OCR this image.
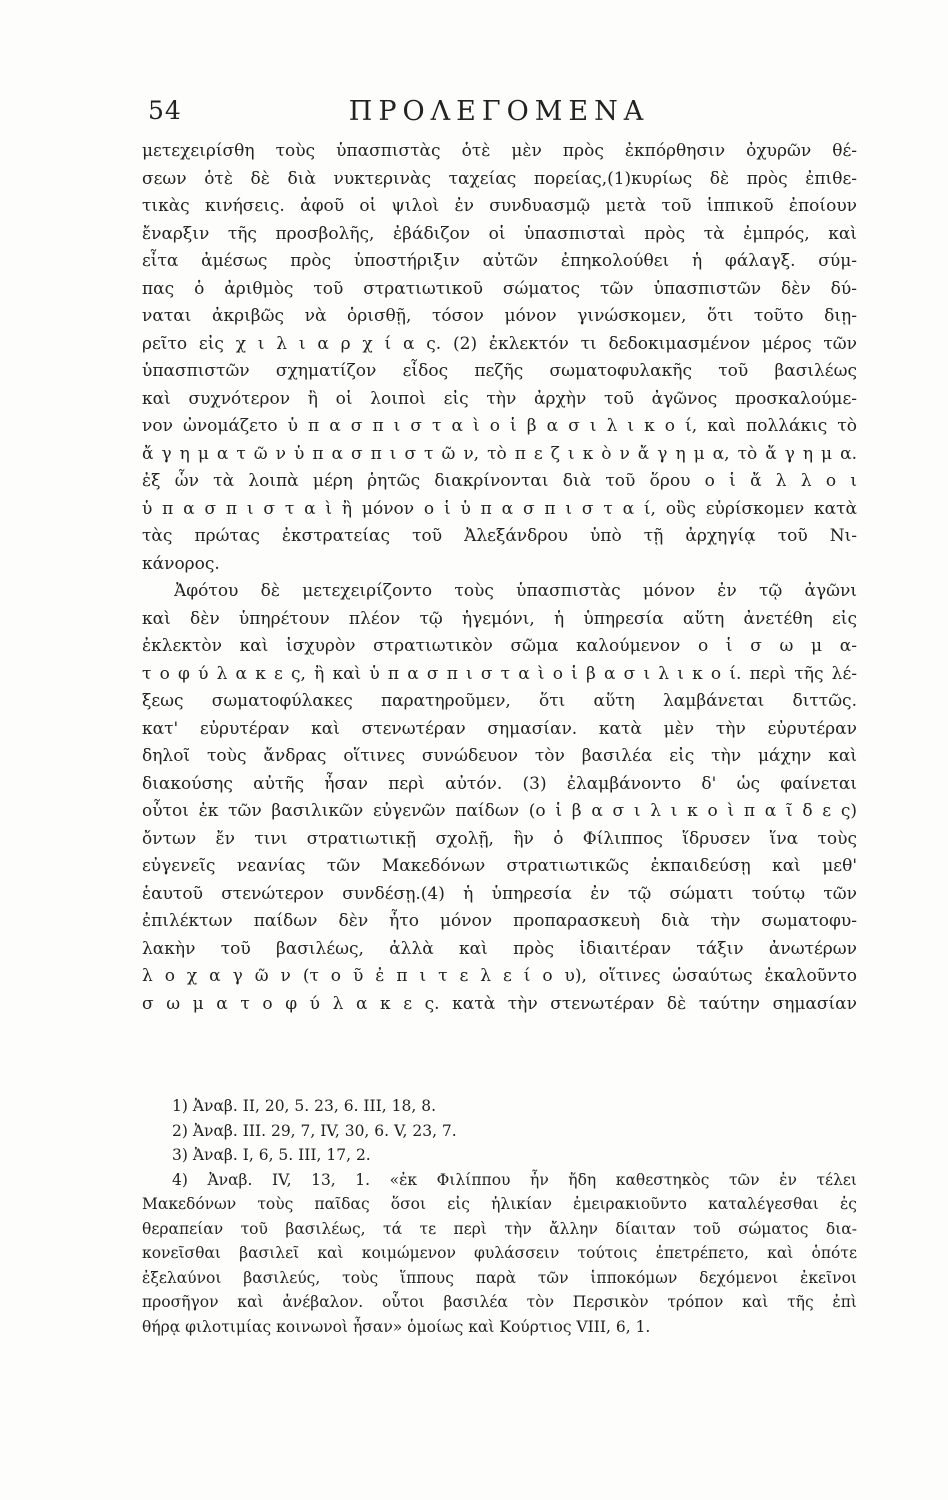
54	ΠΡΟΛΕΓΟΜΕΝΑ
μετεχειρίσθη τοὺς ὑπασπιστὰς ὁτὲ μὲν πρὸς ἐκπόρθησιν ὀχυρῶν θέ-
σεων ὁτὲ δὲ διὰ νυκτερινὰς ταχείας πορείας,(1)κυρίως δὲ πρὸς ἐπιθε-
τικὰς κινήσεις. ἀφοῦ οἱ ψιλοὶ ἐν συνδυασμῷ μετὰ τοῦ ἱππικοῦ ἐποίουν
ἔναρξιν τῆς προσβολῆς, ἐβάδιζον οἱ ὑπασπισταὶ πρὸς τὰ ἐμπρός, καὶ
εἶτα ἀμέσως πρὸς ὑποστήριξιν αὐτῶν ἐπηκολούθει ἡ φάλαγξ. σύμ-
πας ὁ ἀριθμὸς τοῦ στρατιωτικοῦ σώματος τῶν ὑπασπιστῶν δὲν δύ-
ναται ἀκριβῶς νὰ ὁρισθῇ, τόσον μόνον γινώσκομεν, ὅτι τοῦτο διῃ-
ρεῖτο εἰς χ ι λ ι α ρ χ ί α ς. (2) ἐκλεκτόν τι δεδοκιμασμένον μέρος τῶν
ὑπασπιστῶν σχηματίζον εἶδος πεζῆς σωματοφυλακῆς τοῦ βασιλέως
καὶ συχνότερον ἢ οἱ λοιποὶ εἰς τὴν ἀρχὴν τοῦ ἀγῶνος προσκαλούμε-
νον ὠνομάζετο ὑ π α σ π ι σ τ α ὶ ο ἱ β α σ ι λ ι κ ο ί, καὶ πολλάκις τὸ
ἄ γ η μ α τ ῶ ν ὑ π α σ π ι σ τ ῶ ν, τὸ π ε ζ ι κ ὸ ν ἄ γ η μ α, τὸ ἄ γ η μ α.
ἐξ ὧν τὰ λοιπὰ μέρη ῥητῶς διακρίνονται διὰ τοῦ ὅρου ο ἱ ἄ λ λ ο ι
ὑ π α σ π ι σ τ α ὶ ἢ μόνον ο ἱ ὑ π α σ π ι σ τ α ί, οὓς εὑρίσκομεν κατὰ
τὰς πρώτας ἐκστρατείας τοῦ Ἀλεξάνδρου ὑπὸ τῇ ἀρχηγίᾳ τοῦ Νι-
κάνορος.
Ἀφότου δὲ μετεχειρίζοντο τοὺς ὑπασπιστὰς μόνον ἐν τῷ ἀγῶνι
καὶ δὲν ὑπηρέτουν πλέον τῷ ἡγεμόνι, ἡ ὑπηρεσία αὕτη ἀνετέθη εἰς
ἐκλεκτὸν καὶ ἰσχυρὸν στρατιωτικὸν σῶμα καλούμενον ο ἱ σ ω μ α-
τ ο φ ύ λ α κ ε ς, ἢ καὶ ὑ π α σ π ι σ τ α ὶ ο ἱ β α σ ι λ ι κ ο ί. περὶ τῆς λέ-
ξεως σωματοφύλακες παρατηροῦμεν, ὅτι αὕτη λαμβάνεται διττῶς.
κατ' εὐρυτέραν καὶ στενωτέραν σημασίαν. κατὰ μὲν τὴν εὐρυτέραν
δηλοῖ τοὺς ἄνδρας οἵτινες συνώδευον τὸν βασιλέα εἰς τὴν μάχην καὶ
διακούσης αὐτῆς ἦσαν περὶ αὐτόν. (3) ἐλαμβάνοντο δ' ὡς φαίνεται
οὗτοι ἐκ τῶν βασιλικῶν εὐγενῶν παίδων (ο ἱ β α σ ι λ ι κ ο ὶ π α ῖ δ ε ς)
ὄντων ἔν τινι στρατιωτικῇ σχολῇ, ἣν ὁ Φίλιππος ἵδρυσεν ἵνα τοὺς
εὐγενεῖς νεανίας τῶν Μακεδόνων στρατιωτικῶς ἐκπαιδεύσῃ καὶ μεθ'
ἑαυτοῦ στενώτερον συνδέσῃ.(4) ἡ ὑπηρεσία ἐν τῷ σώματι τούτῳ τῶν
ἐπιλέκτων παίδων δὲν ἦτο μόνον προπαρασκευὴ διὰ τὴν σωματοφυ-
λακὴν τοῦ βασιλέως, ἀλλὰ καὶ πρὸς ἰδιαιτέραν τάξιν ἀνωτέρων
λ ο χ α γ ῶ ν (τ ο ῦ ἐ π ι τ ε λ ε ί ο υ), οἵτινες ὡσαύτως ἐκαλοῦντο
σ ω μ α τ ο φ ύ λ α κ ε ς. κατὰ τὴν στενωτέραν δὲ ταύτην σημασίαν
1) Ἀναβ. II, 20, 5. 23, 6. III, 18, 8.
2) Ἀναβ. III. 29, 7, IV, 30, 6. V, 23, 7.
3) Ἀναβ. I, 6, 5. III, 17, 2.
4) Ἀναβ. IV, 13, 1. «ἐκ Φιλίππου ἦν ἤδη καθεστηκὸς τῶν ἐν τέλει
Μακεδόνων τοὺς παῖδας ὅσοι εἰς ἡλικίαν ἐμειρακιοῦντο καταλέγεσθαι ἐς
θεραπείαν τοῦ βασιλέως, τά τε περὶ τὴν ἄλλην δίαιταν τοῦ σώματος δια-
κονεῖσθαι βασιλεῖ καὶ κοιμώμενον φυλάσσειν τούτοις ἐπετρέπετο, καὶ ὁπότε
ἐξελαύνοι βασιλεύς, τοὺς ἵππους παρὰ τῶν ἱπποκόμων δεχόμενοι ἐκεῖνοι
προσῆγον καὶ ἀνέβαλον. οὗτοι βασιλέα τὸν Περσικὸν τρόπον καὶ τῆς ἐπὶ
θήρᾳ φιλοτιμίας κοινωνοὶ ἦσαν» ὁμοίως καὶ Κούρτιος VIII, 6, 1.
